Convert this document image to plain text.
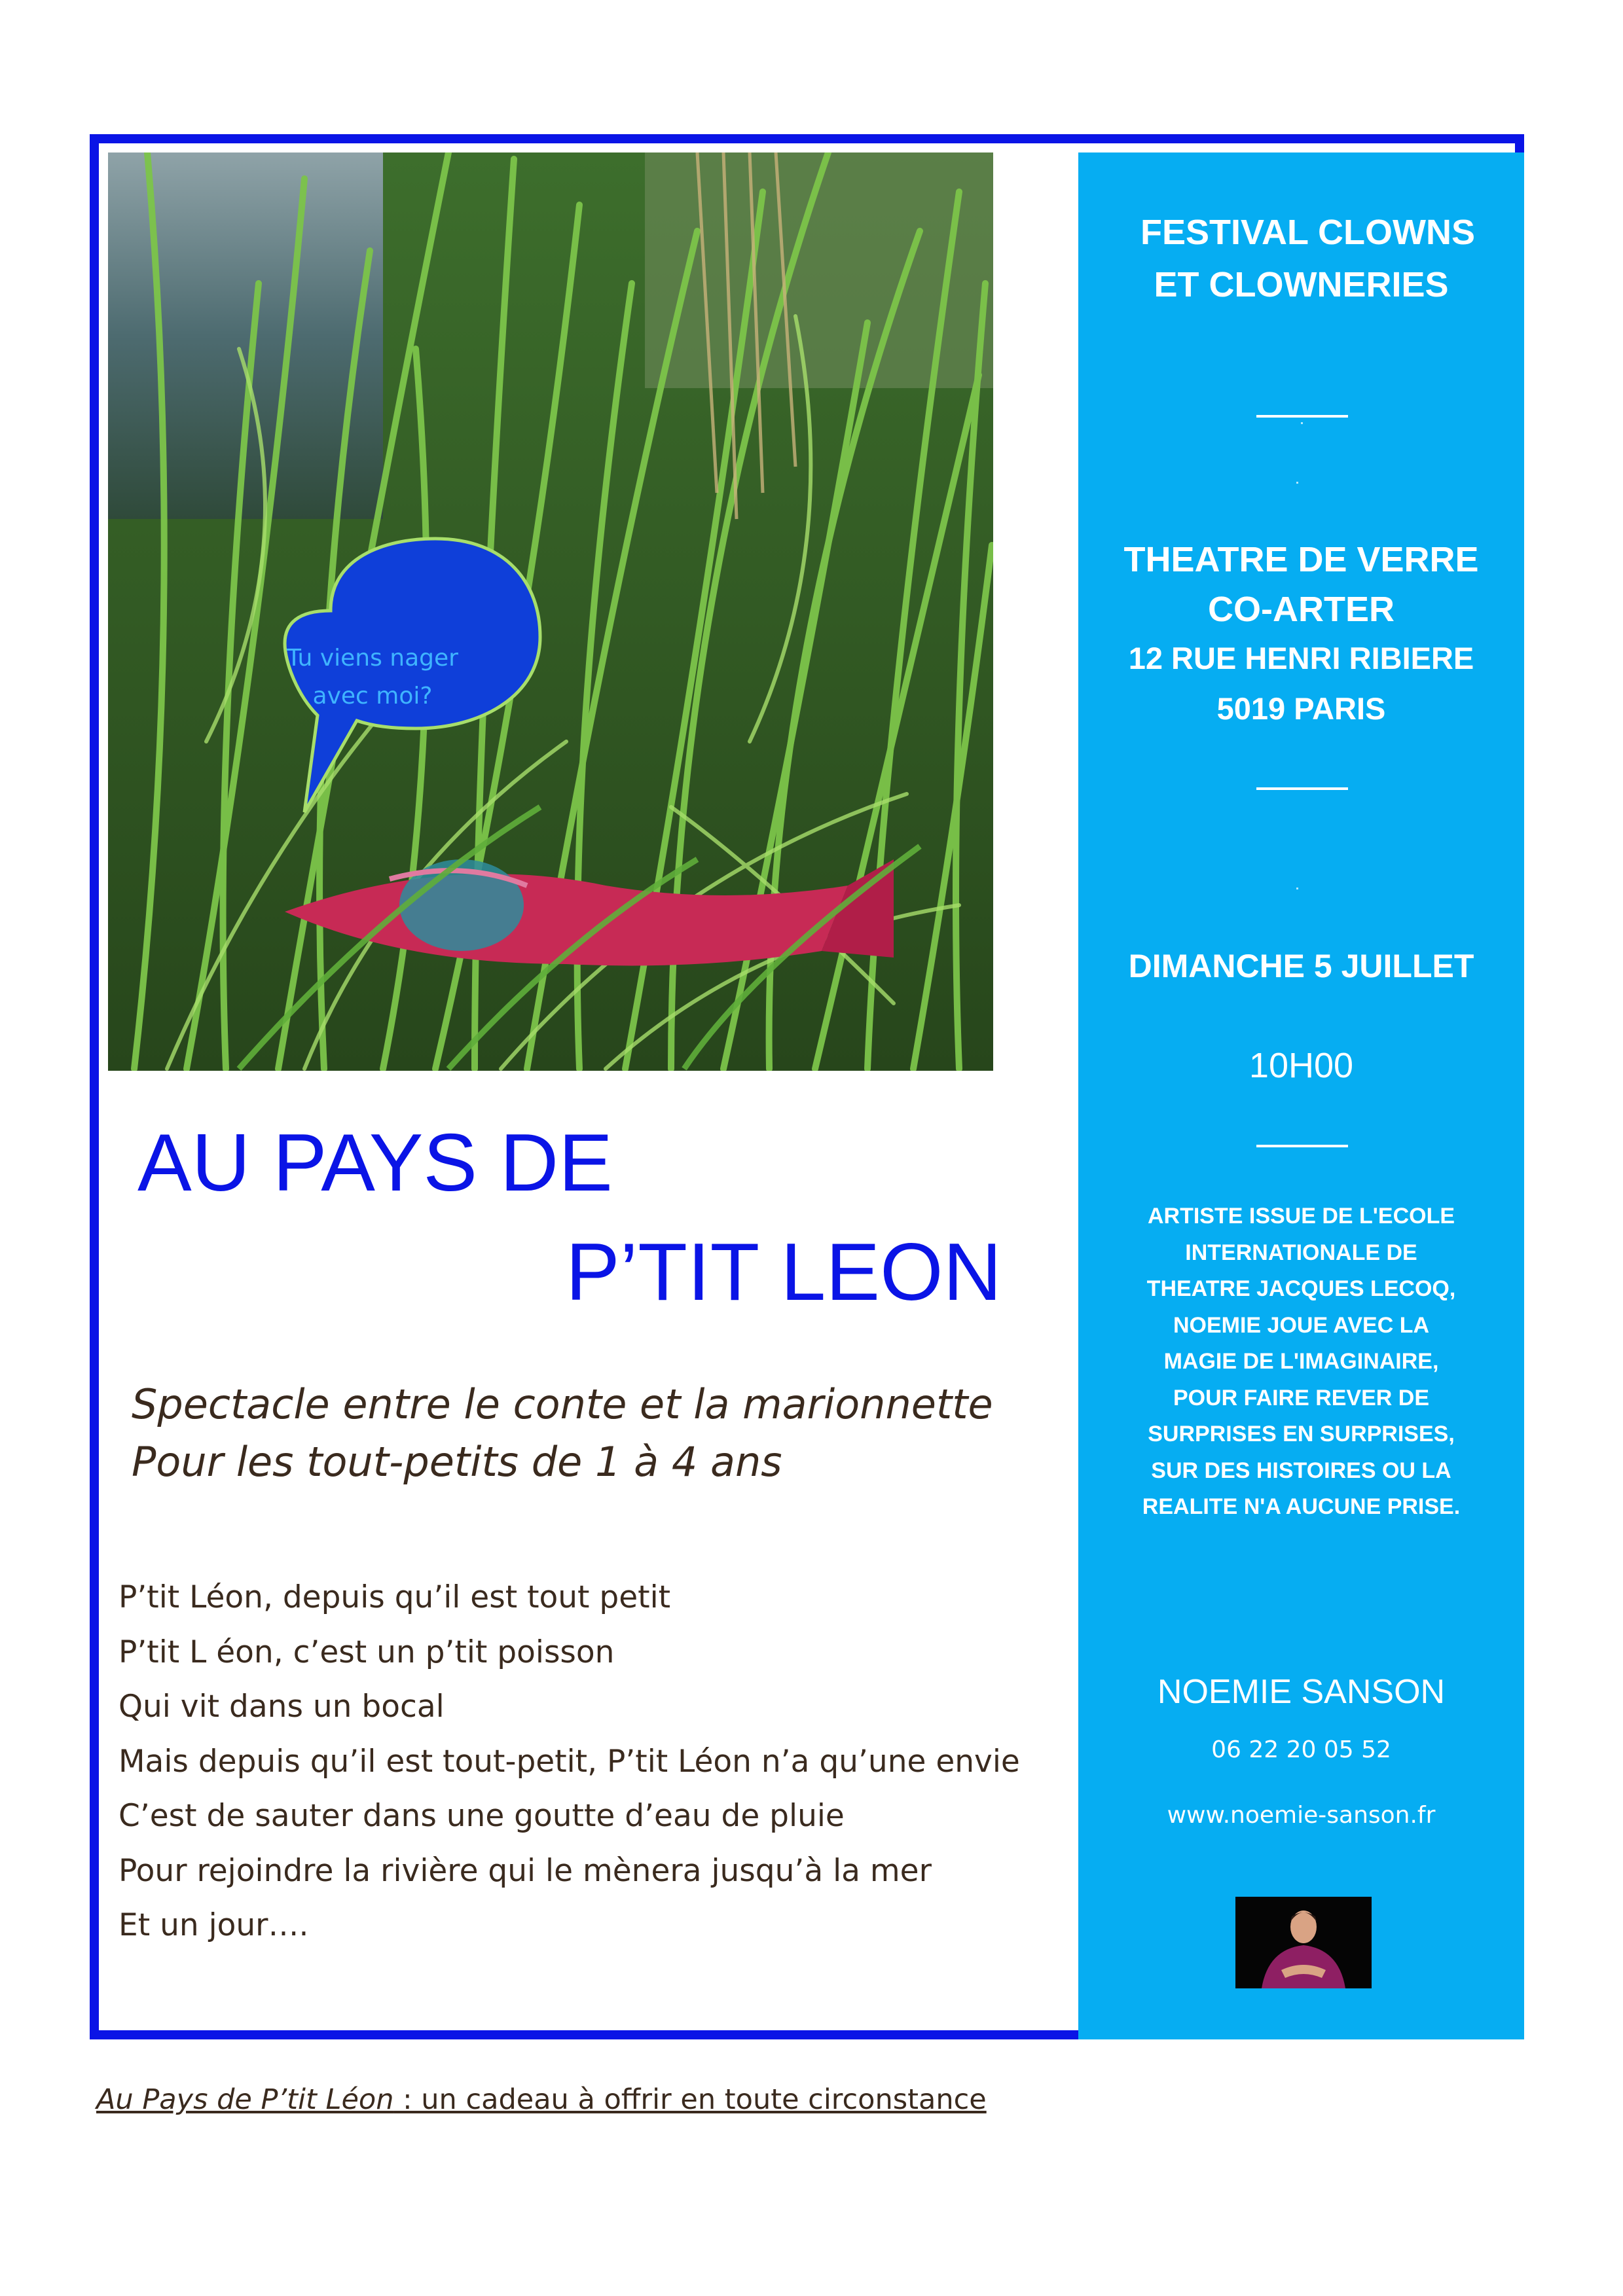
Tu viens nager
avec moi?
FESTIVAL CLOWNS
ET CLOWNERIES
THEATRE DE VERRE
CO-ARTER
12 RUE HENRI RIBIERE
5019 PARIS
DIMANCHE 5 JUILLET
10H00
ARTISTE ISSUE DE L'ECOLE
INTERNATIONALE DE
THEATRE JACQUES LECOQ,
NOEMIE JOUE AVEC LA
MAGIE DE L'IMAGINAIRE,
POUR FAIRE REVER DE
SURPRISES EN SURPRISES,
SUR DES HISTOIRES OU LA
REALITE N'A AUCUNE PRISE.
NOEMIE SANSON
06 22 20 05 52
www.noemie-sanson.fr
AU PAYS DE
P’TIT LEON
Spectacle entre le conte et la marionnette
Pour les tout-petits de 1 à 4 ans
P’tit Léon, depuis qu’il est tout petit
P’tit L éon, c’est un p’tit poisson
Qui vit dans un bocal
Mais depuis qu’il est tout-petit, P’tit Léon n’a qu’une envie
C’est de sauter dans une goutte d’eau de pluie
Pour rejoindre la rivière qui le mènera jusqu’à la mer
Et un jour….
Au Pays de P’tit Léon : un cadeau à offrir en toute circonstance
